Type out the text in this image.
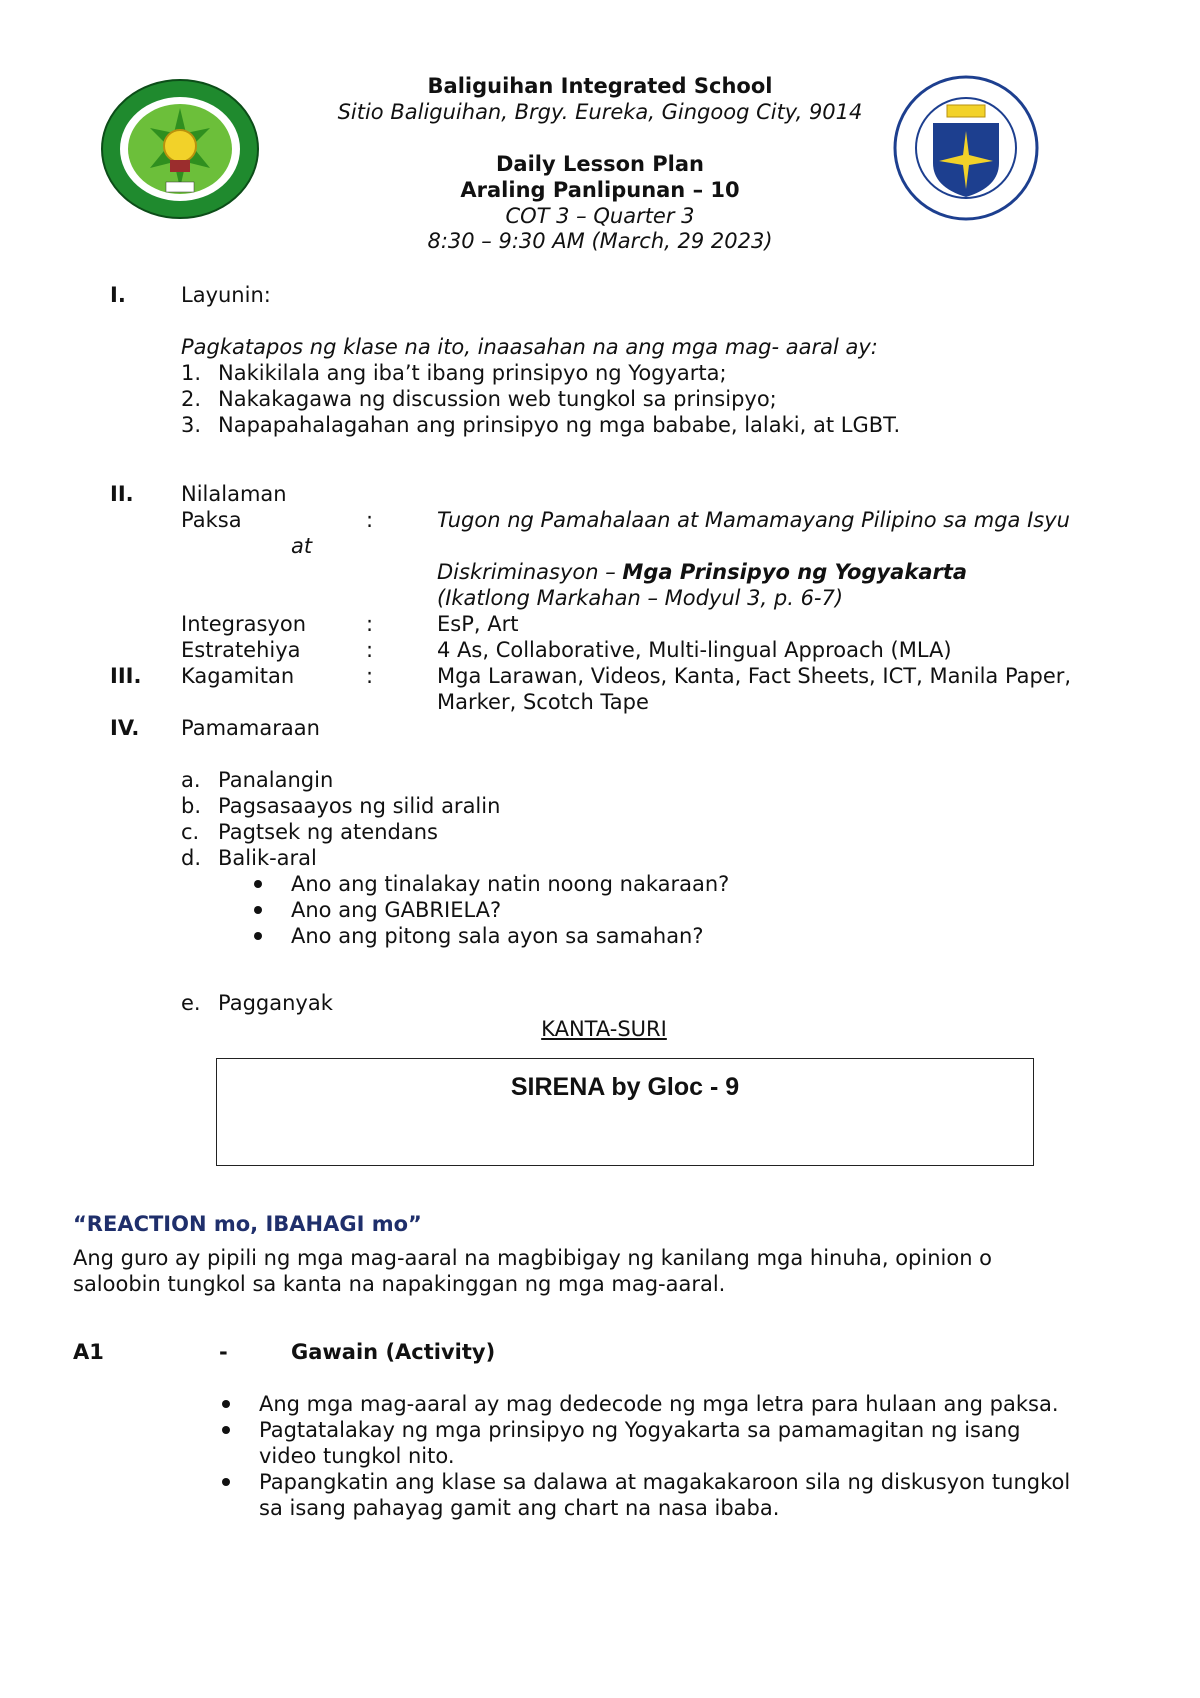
Baliguihan Integrated School
Sitio Baliguihan, Brgy. Eureka, Gingoog City, 9014
Daily Lesson Plan
Araling Panlipunan – 10
COT 3 – Quarter 3
8:30 – 9:30 AM (March, 29 2023)
I.	Layunin:
Pagkatapos ng klase na ito, inaasahan na ang mga mag- aaral ay:
1. Nakikilala ang iba’t ibang prinsipyo ng Yogyarta;
2. Nakakagawa ng discussion web tungkol sa prinsipyo;
3. Napapahalagahan ang prinsipyo ng mga bababe, lalaki, at LGBT.
II. Nilalaman
Paksa	:	Tugon ng Pamahalaan at Mamamayang Pilipino sa mga Isyu
at
Diskriminasyon – Mga Prinsipyo ng Yogyakarta
(Ikatlong Markahan – Modyul 3, p. 6-7)
Integrasyon	:	EsP, Art
Estratehiya	:	4 As, Collaborative, Multi-lingual Approach (MLA)
III. Kagamitan	:	Mga Larawan, Videos, Kanta, Fact Sheets, ICT, Manila Paper,
Marker, Scotch Tape
IV. Pamamaraan
a. Panalangin
b. Pagsasaayos ng silid aralin
c. Pagtsek ng atendans
d. Balik-aral
Ano ang tinalakay natin noong nakaraan?
Ano ang GABRIELA?
Ano ang pitong sala ayon sa samahan?
e. Pagganyak
KANTA-SURI
SIRENA by Gloc - 9
“REACTION mo, IBAHAGI mo”
Ang guro ay pipili ng mga mag-aaral na magbibigay ng kanilang mga hinuha, opinion o
saloobin tungkol sa kanta na napakinggan ng mga mag-aaral.
A1	-	Gawain (Activity)
Ang mga mag-aaral ay mag dedecode ng mga letra para hulaan ang paksa.
Pagtatalakay ng mga prinsipyo ng Yogyakarta sa pamamagitan ng isang
video tungkol nito.
Papangkatin ang klase sa dalawa at magakakaroon sila ng diskusyon tungkol
sa isang pahayag gamit ang chart na nasa ibaba.
